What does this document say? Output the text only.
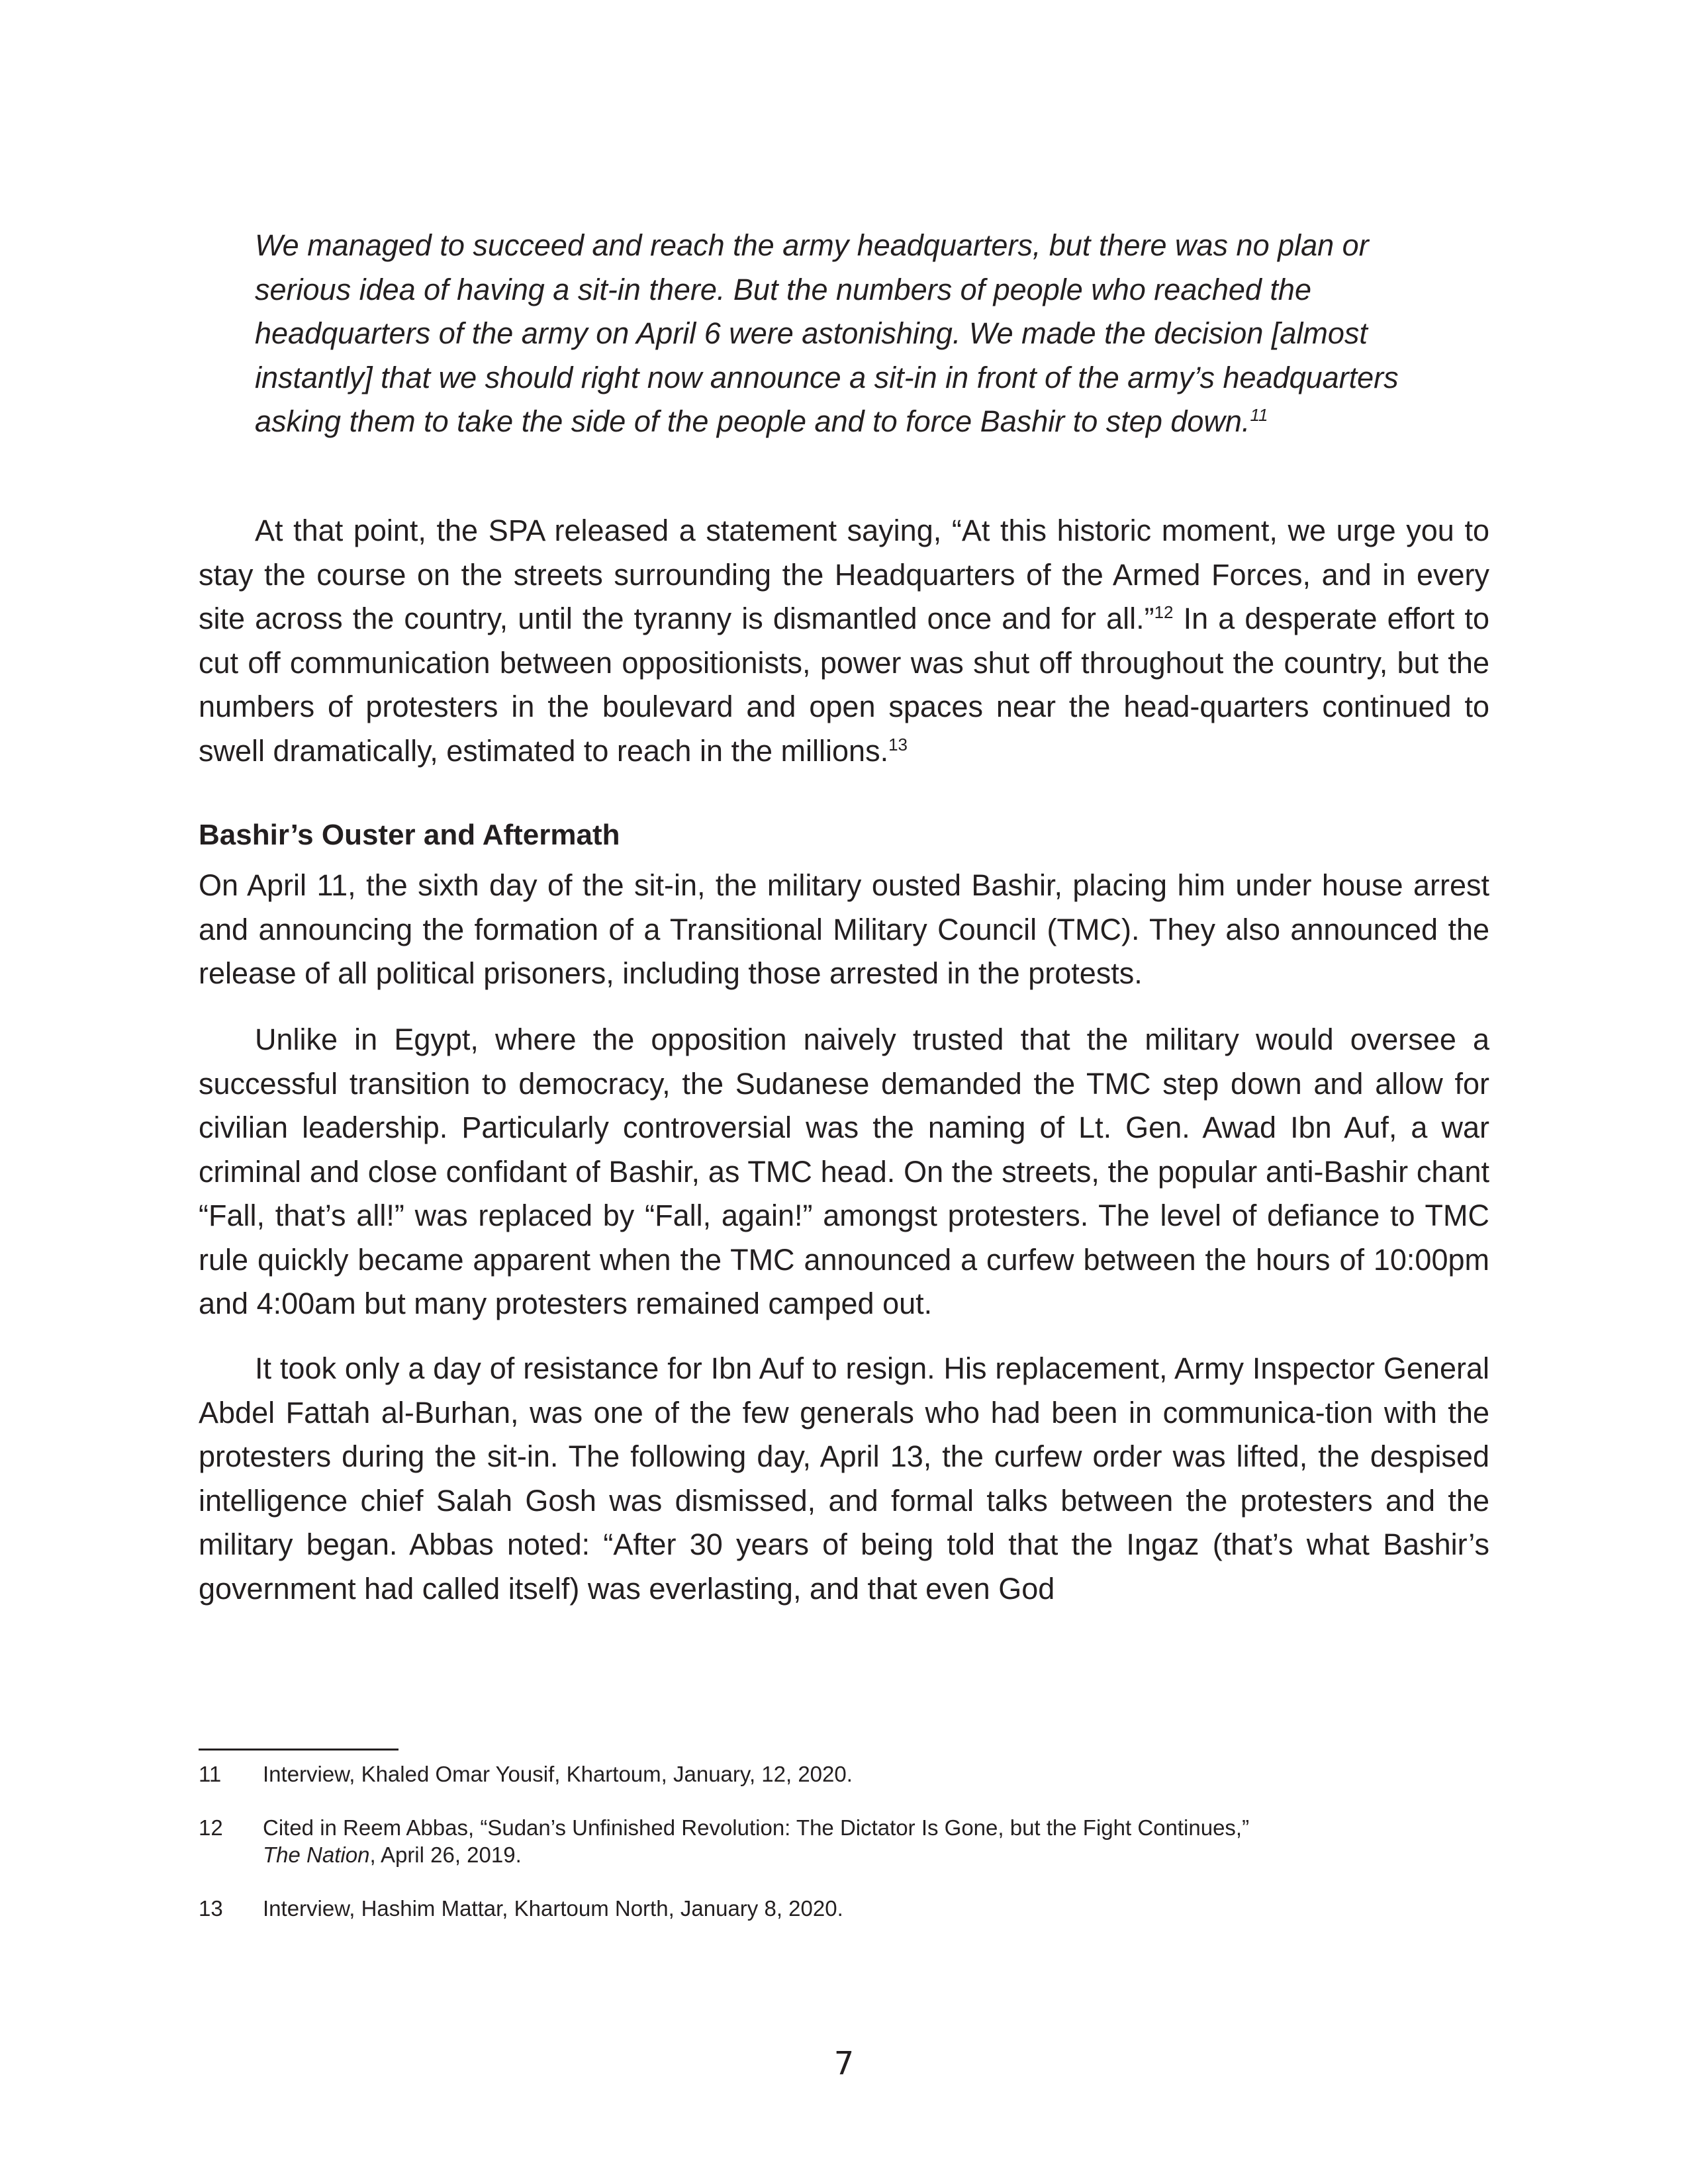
We managed to succeed and reach the army headquarters, but there was no plan or serious idea of having a sit-in there. But the numbers of people who reached the headquarters of the army on April 6 were astonishing. We made the decision [almost instantly] that we should right now announce a sit-in in front of the army’s headquarters asking them to take the side of the people and to force Bashir to step down.$^{11}$

At that point, the SPA released a statement saying, “At this historic moment, we urge you to stay the course on the streets surrounding the Headquarters of the Armed Forces, and in every site across the country, until the tyranny is dismantled once and for all.”$^{12}$ In a desperate effort to cut off communication between oppositionists, power was shut off throughout the country, but the numbers of protesters in the boulevard and open spaces near the head-quarters continued to swell dramatically, estimated to reach in the millions.$^{13}$

Bashir’s Ouster and Aftermath

On April 11, the sixth day of the sit-in, the military ousted Bashir, placing him under house arrest and announcing the formation of a Transitional Military Council (TMC). They also announced the release of all political prisoners, including those arrested in the protests.

Unlike in Egypt, where the opposition naively trusted that the military would oversee a successful transition to democracy, the Sudanese demanded the TMC step down and allow for civilian leadership. Particularly controversial was the naming of Lt. Gen. Awad Ibn Auf, a war criminal and close confidant of Bashir, as TMC head. On the streets, the popular anti-Bashir chant “Fall, that’s all!” was replaced by “Fall, again!” amongst protesters. The level of defiance to TMC rule quickly became apparent when the TMC announced a curfew between the hours of 10:00pm and 4:00am but many protesters remained camped out.

It took only a day of resistance for Ibn Auf to resign. His replacement, Army Inspector General Abdel Fattah al-Burhan, was one of the few generals who had been in communica-tion with the protesters during the sit-in. The following day, April 13, the curfew order was lifted, the despised intelligence chief Salah Gosh was dismissed, and formal talks between the protesters and the military began. Abbas noted: “After 30 years of being told that the Ingaz (that’s what Bashir’s government had called itself) was everlasting, and that even God

11	Interview, Khaled Omar Yousif, Khartoum, January, 12, 2020.
12	Cited in Reem Abbas, “Sudan’s Unfinished Revolution: The Dictator Is Gone, but the Fight Continues,”
The Nation, April 26, 2019.
13	Interview, Hashim Mattar, Khartoum North, January 8, 2020.
7
